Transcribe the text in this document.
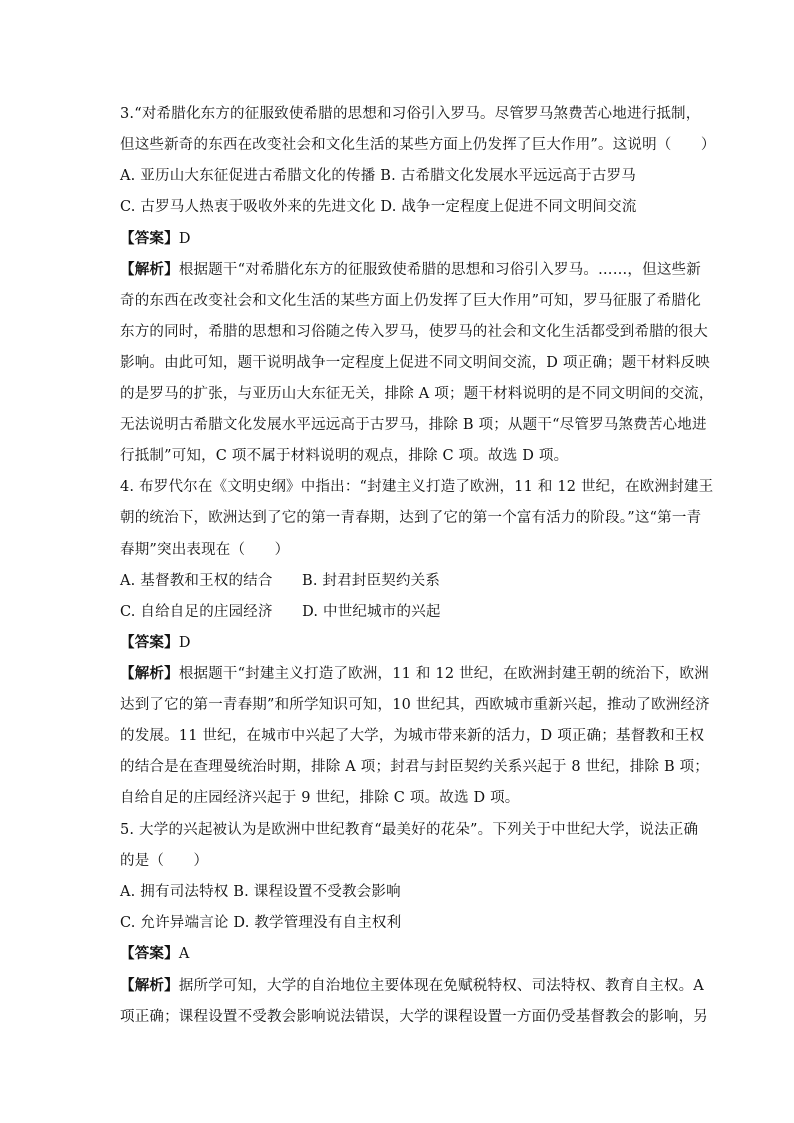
3.“对希腊化东方的征服致使希腊的思想和习俗引入罗马。尽管罗马煞费苦心地进行抵制，
但这些新奇的东西在改变社会和文化生活的某些方面上仍发挥了巨大作用”。这说明（　　）
A. 亚历山大东征促进古希腊文化的传播 B. 古希腊文化发展水平远远高于古罗马
C. 古罗马人热衷于吸收外来的先进文化 D. 战争一定程度上促进不同文明间交流
【答案】D
【解析】根据题干“对希腊化东方的征服致使希腊的思想和习俗引入罗马。……，但这些新
奇的东西在改变社会和文化生活的某些方面上仍发挥了巨大作用”可知，罗马征服了希腊化
东方的同时，希腊的思想和习俗随之传入罗马，使罗马的社会和文化生活都受到希腊的很大
影响。由此可知，题干说明战争一定程度上促进不同文明间交流，D 项正确；题干材料反映
的是罗马的扩张，与亚历山大东征无关，排除 A 项；题干材料说明的是不同文明间的交流，
无法说明古希腊文化发展水平远远高于古罗马，排除 B 项；从题干“尽管罗马煞费苦心地进
行抵制”可知，C 项不属于材料说明的观点，排除 C 项。故选 D 项。
4. 布罗代尔在《文明史纲》中指出：“封建主义打造了欧洲，11 和 12 世纪，在欧洲封建王
朝的统治下，欧洲达到了它的第一青春期，达到了它的第一个富有活力的阶段。”这“第一青
春期”突出表现在（　　）
A. 基督教和王权的结合　　B. 封君封臣契约关系
C. 自给自足的庄园经济　　D. 中世纪城市的兴起
【答案】D
【解析】根据题干“封建主义打造了欧洲，11 和 12 世纪，在欧洲封建王朝的统治下，欧洲
达到了它的第一青春期”和所学知识可知，10 世纪其，西欧城市重新兴起，推动了欧洲经济
的发展。11 世纪，在城市中兴起了大学，为城市带来新的活力，D 项正确；基督教和王权
的结合是在查理曼统治时期，排除 A 项；封君与封臣契约关系兴起于 8 世纪，排除 B 项；
自给自足的庄园经济兴起于 9 世纪，排除 C 项。故选 D 项。
5. 大学的兴起被认为是欧洲中世纪教育“最美好的花朵”。下列关于中世纪大学，说法正确
的是（　　）
A. 拥有司法特权 B. 课程设置不受教会影响
C. 允许异端言论 D. 教学管理没有自主权利
【答案】A
【解析】据所学可知，大学的自治地位主要体现在免赋税特权、司法特权、教育自主权。A
项正确；课程设置不受教会影响说法错误，大学的课程设置一方面仍受基督教会的影响，另
